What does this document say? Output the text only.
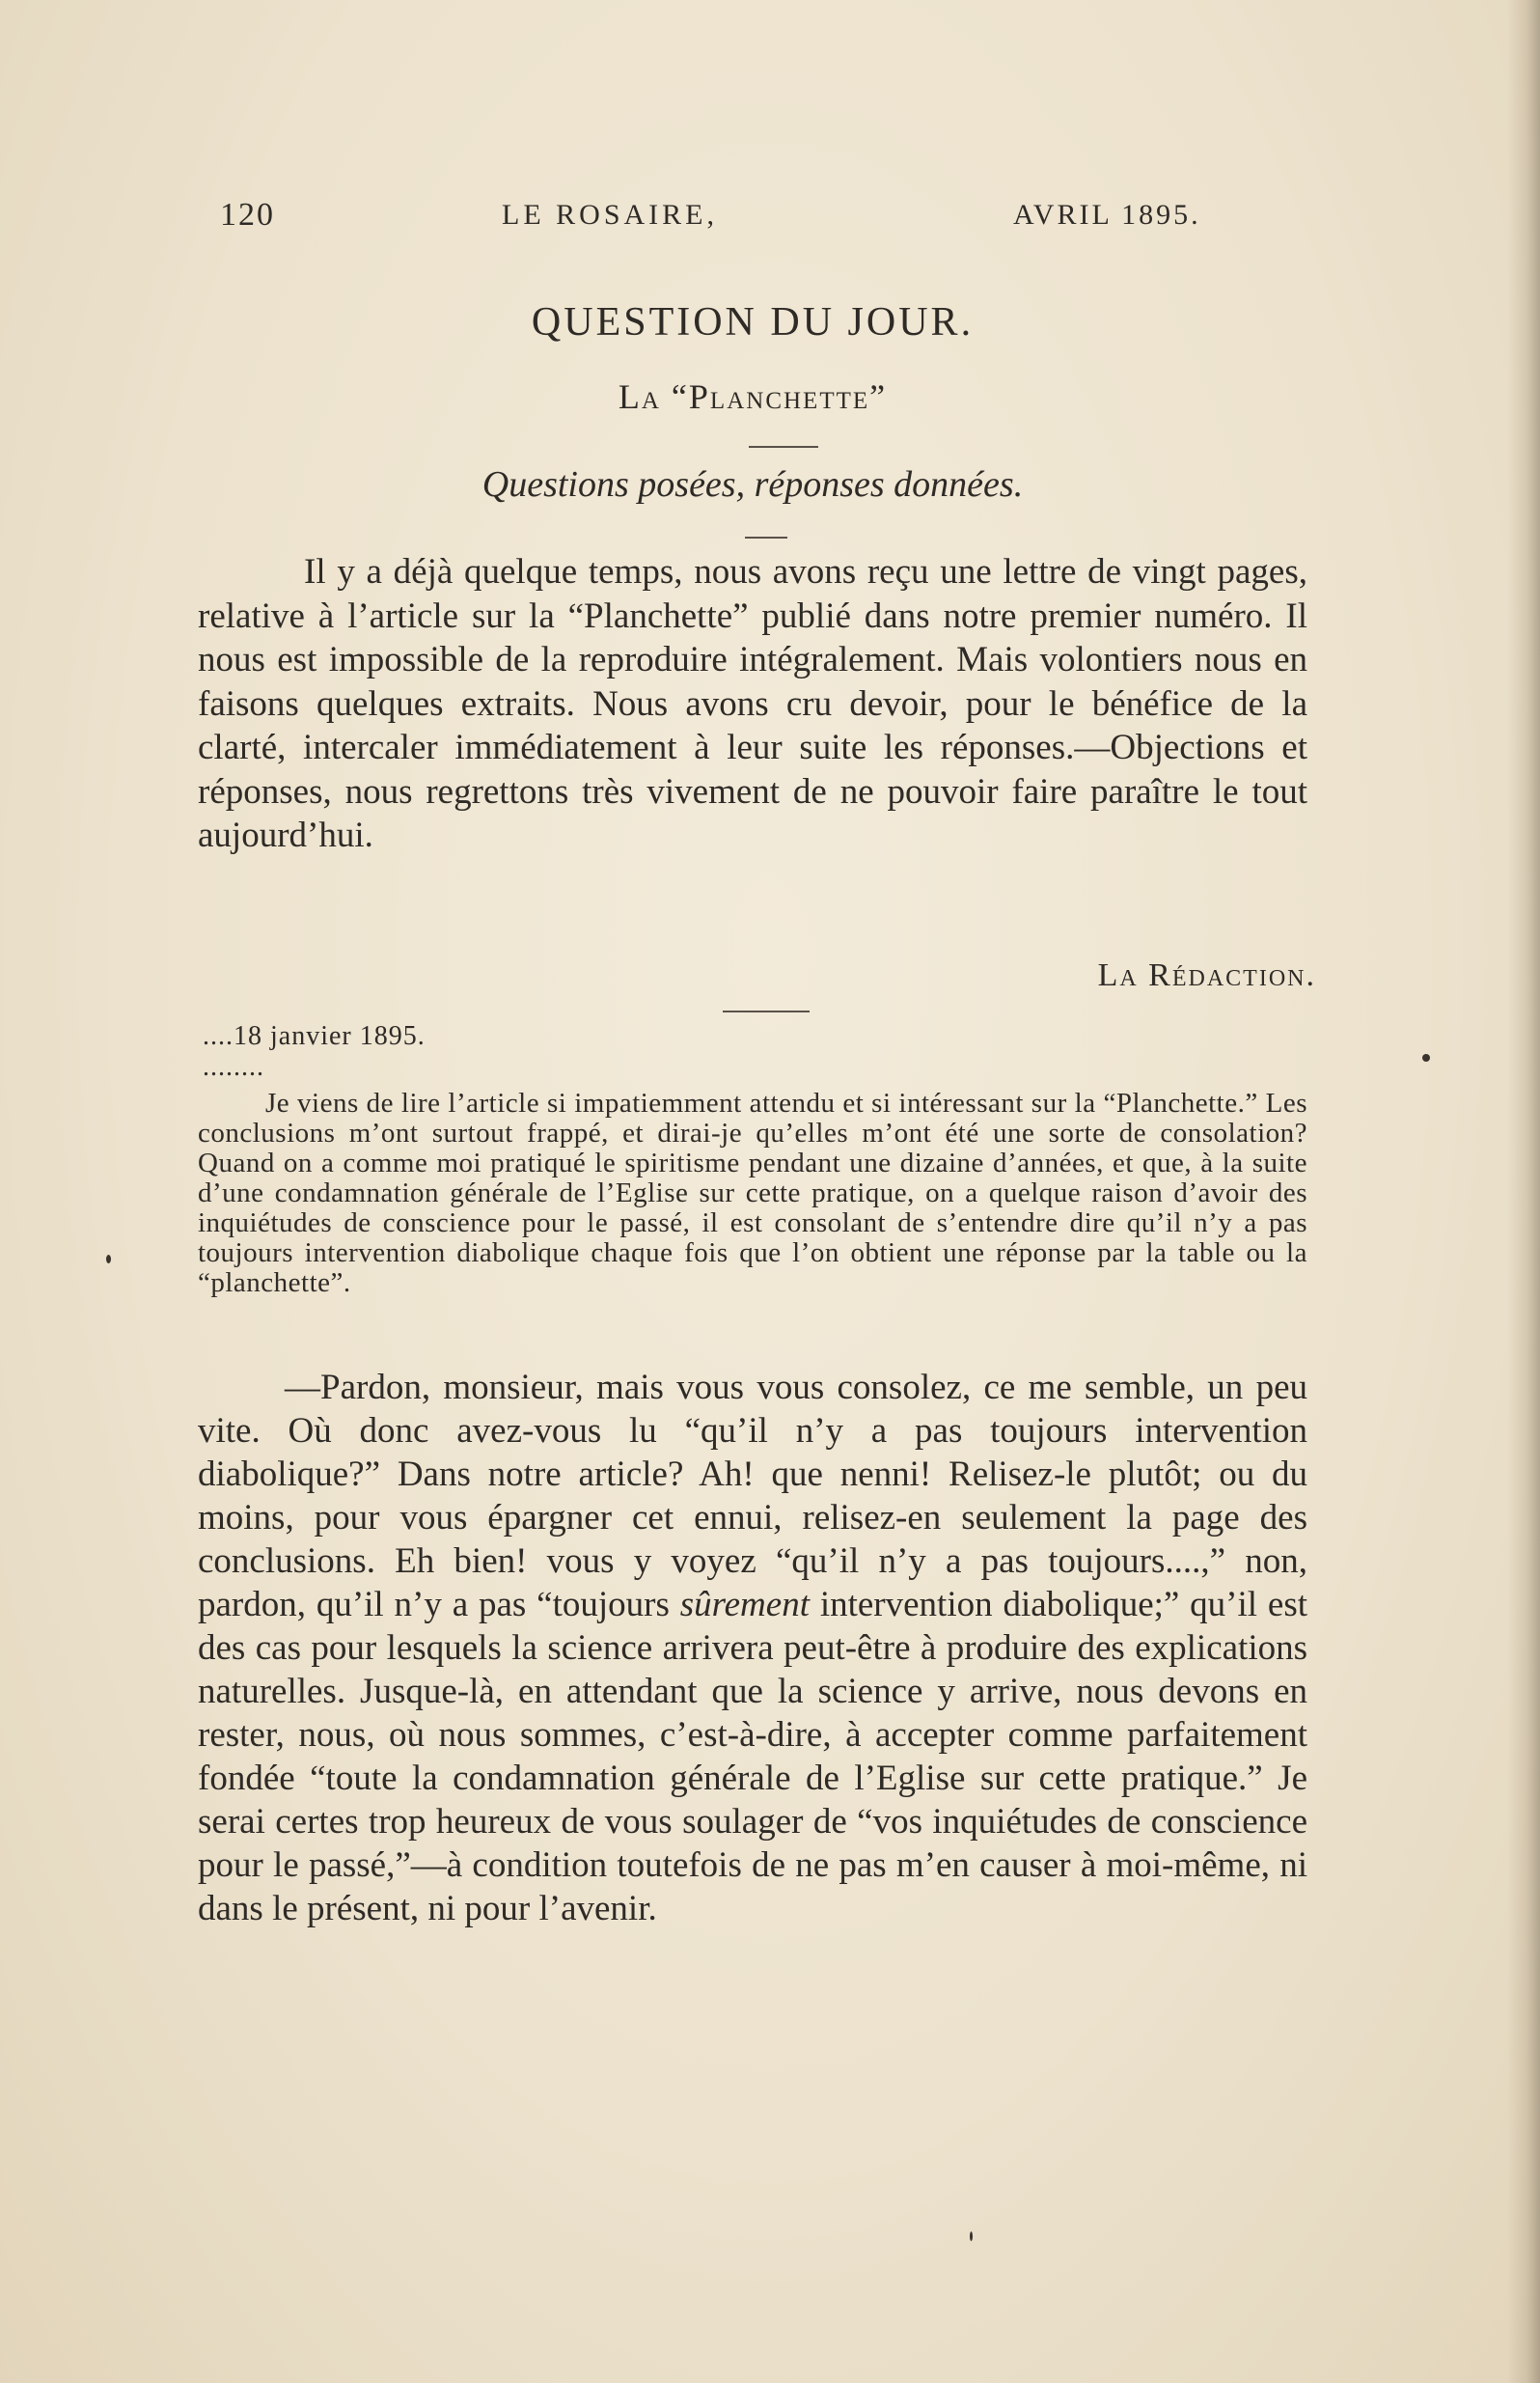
120	LE ROSAIRE,	AVRIL 1895.
QUESTION DU JOUR.
La “Planchette”
Questions posées, réponses données.

Il y a déjà quelque temps, nous avons reçu une lettre de vingt pages, relative à l’article sur la “Planchette” publié dans notre premier numéro. Il nous est impossible de la reproduire intégralement. Mais volontiers nous en faisons quelques extraits. Nous avons cru devoir, pour le bénéfice de la clarté, intercaler immédiatement à leur suite les réponses.—Objections et réponses, nous regrettons très vivement de ne pouvoir faire paraître le tout aujourd’hui.

La Rédaction.
....18 janvier 1895.
........

Je viens de lire l’article si impatiemment attendu et si intéressant sur la “Planchette.” Les conclusions m’ont surtout frappé, et dirai-je qu’elles m’ont été une sorte de consolation? Quand on a comme moi pratiqué le spiritisme pendant une dizaine d’années, et que, à la suite d’une condamnation générale de l’Eglise sur cette pratique, on a quelque raison d’avoir des inquiétudes de conscience pour le passé, il est consolant de s’entendre dire qu’il n’y a pas toujours intervention diabolique chaque fois que l’on obtient une réponse par la table ou la “planchette”.

—Pardon, monsieur, mais vous vous consolez, ce me semble, un peu vite. Où donc avez-vous lu “qu’il n’y a pas toujours intervention diabolique?” Dans notre article? Ah! que nenni! Relisez-le plutôt; ou du moins, pour vous épargner cet ennui, relisez-en seulement la page des conclusions. Eh bien! vous y voyez “qu’il n’y a pas toujours....,” non, pardon, qu’il n’y a pas “toujours sûrement intervention diabolique;” qu’il est des cas pour lesquels la science arrivera peut-être à produire des explications naturelles. Jusque-là, en attendant que la science y arrive, nous devons en rester, nous, où nous sommes, c’est-à-dire, à accepter comme parfaitement fondée “toute la condamnation générale de l’Eglise sur cette pratique.” Je serai certes trop heureux de vous soulager de “vos inquiétudes de conscience pour le passé,”—à condition toutefois de ne pas m’en causer à moi-même, ni dans le présent, ni pour l’avenir.
